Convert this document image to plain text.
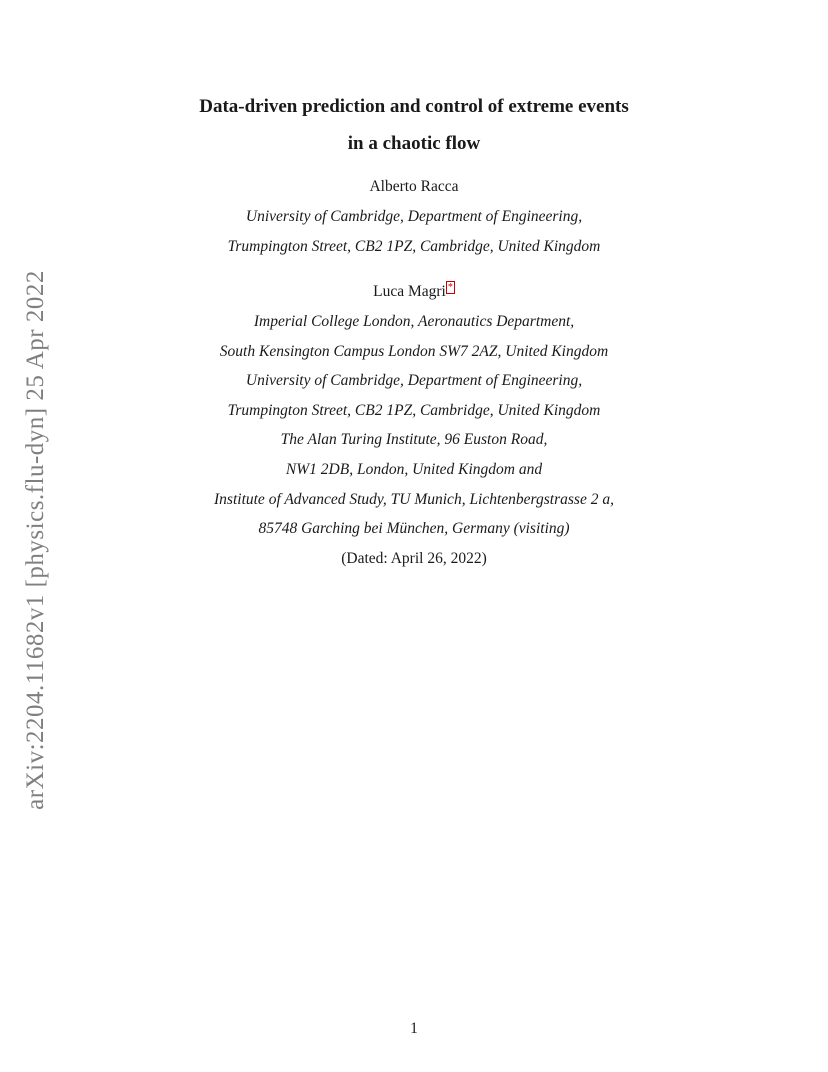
arXiv:2204.11682v1 [physics.flu-dyn] 25 Apr 2022
Data-driven prediction and control of extreme events
in a chaotic flow
Alberto Racca
University of Cambridge, Department of Engineering,
Trumpington Street, CB2 1PZ, Cambridge, United Kingdom
Luca Magri *
Imperial College London, Aeronautics Department,
South Kensington Campus London SW7 2AZ, United Kingdom
University of Cambridge, Department of Engineering,
Trumpington Street, CB2 1PZ, Cambridge, United Kingdom
The Alan Turing Institute, 96 Euston Road,
NW1 2DB, London, United Kingdom and
Institute of Advanced Study, TU Munich, Lichtenbergstrasse 2 a,
85748 Garching bei München, Germany (visiting)
(Dated: April 26, 2022)
1
